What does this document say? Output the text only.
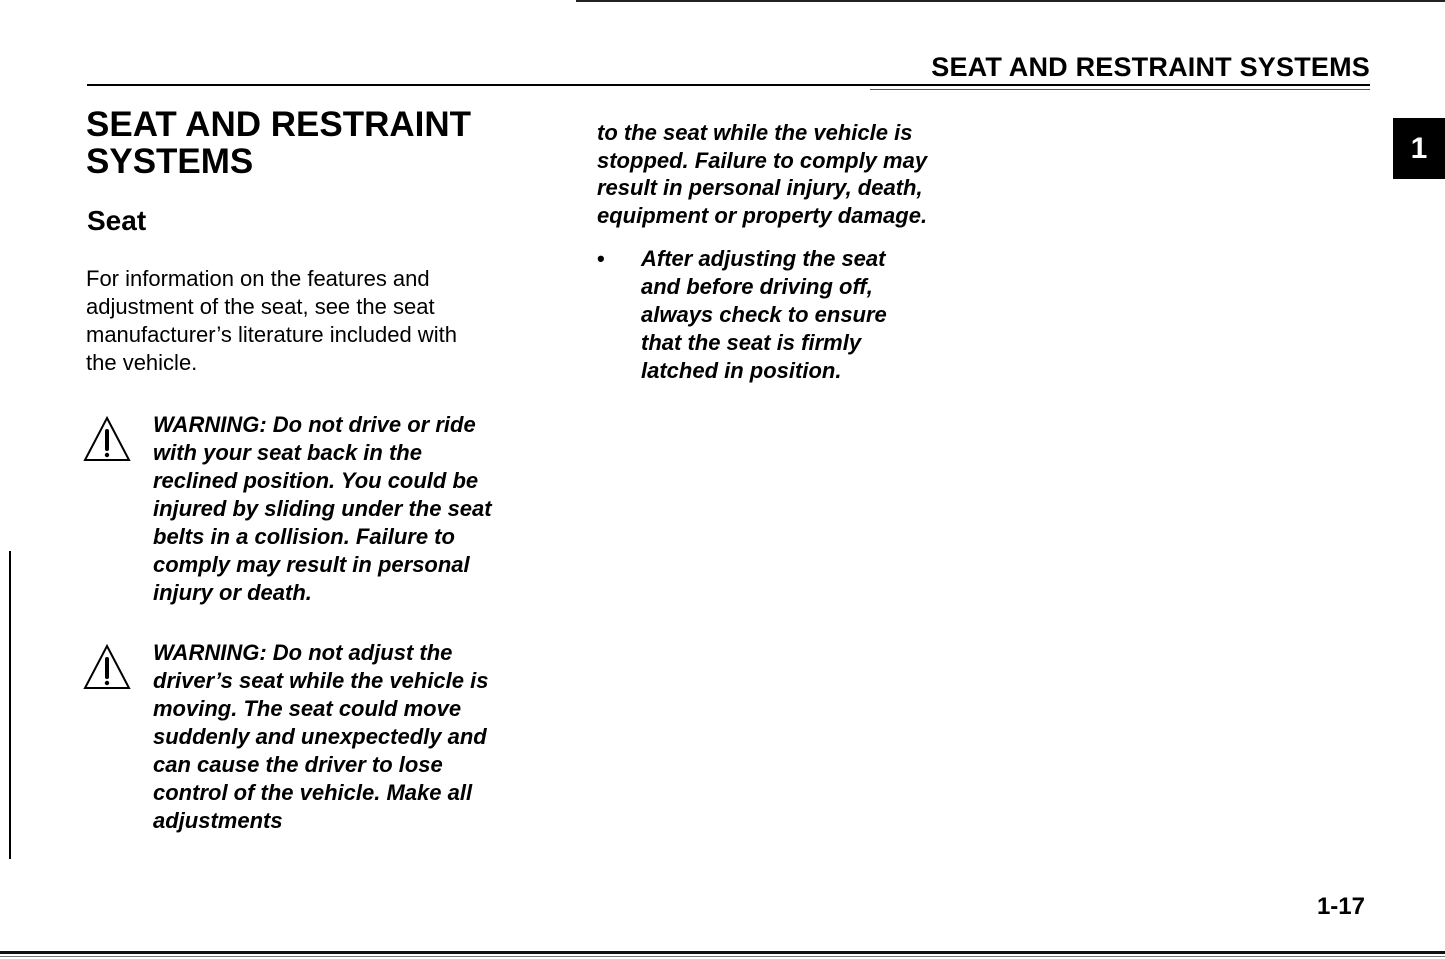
SEAT AND RESTRAINT SYSTEMS
1
SEAT AND RESTRAINT SYSTEMS
Seat

For information on the features and adjustment of the seat, see the seat manufacturer’s literature included with the vehicle.

WARNING: Do not drive or ride with your seat back in the reclined position. You could be injured by sliding under the seat belts in a collision. Failure to comply may result in personal injury or death.
WARNING: Do not adjust the driver’s seat while the vehicle is moving. The seat could move suddenly and unexpectedly and can cause the driver to lose control of the vehicle. Make all adjustments

to the seat while the vehicle is stopped. Failure to comply may result in personal injury, death, equipment or property damage.

• After adjusting the seat and before driving off, always check to ensure that the seat is firmly latched in position.
1-17
